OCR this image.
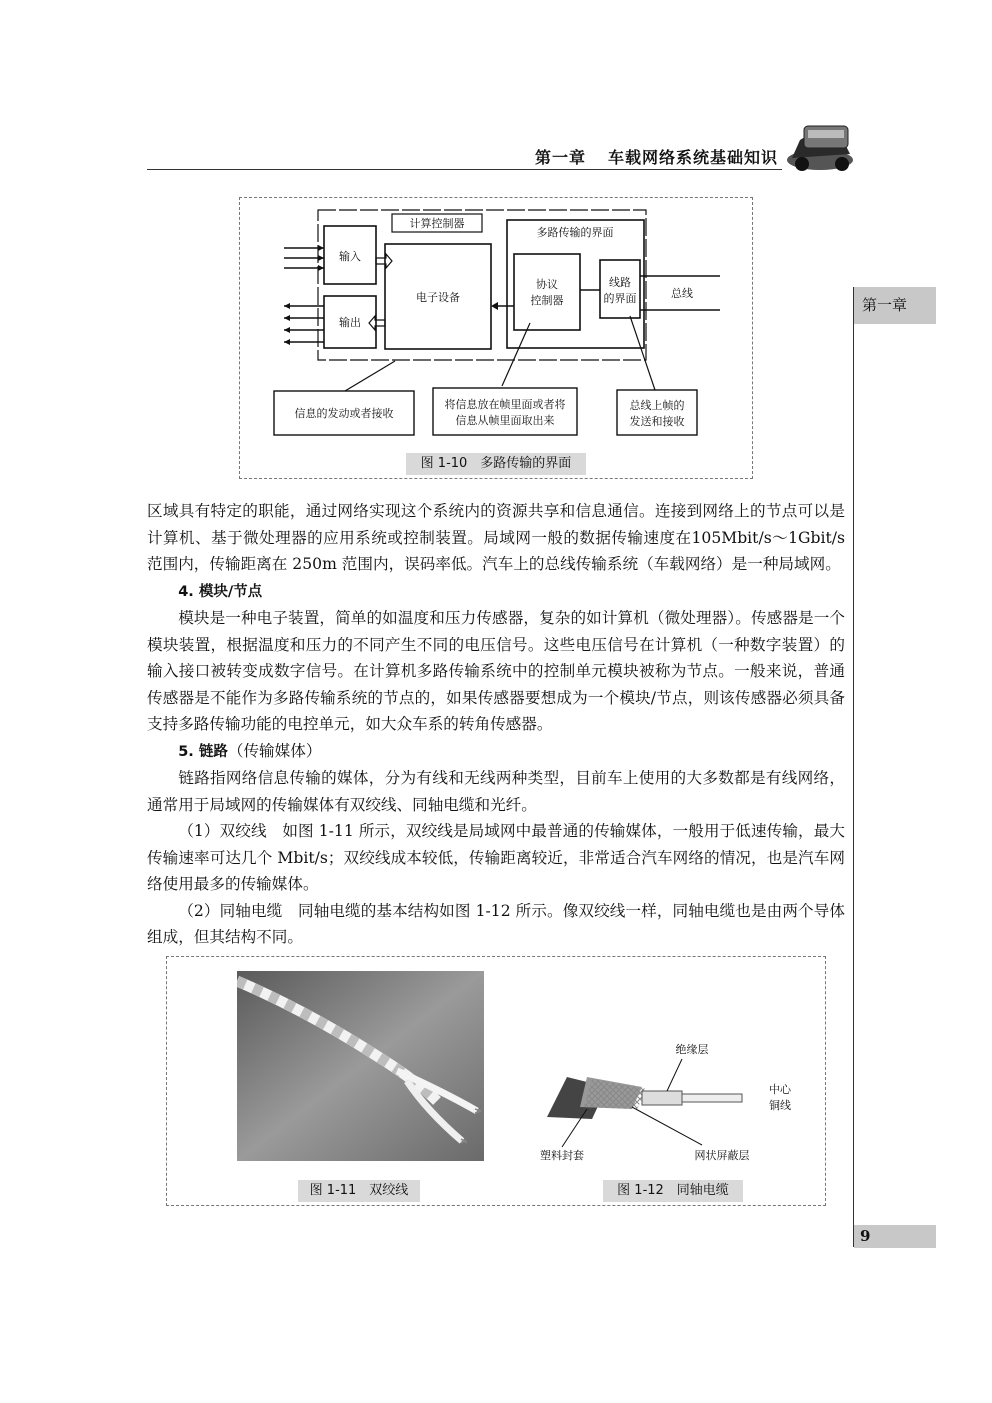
第一章 车载网络系统基础知识
第一章
9
计算控制器
输入
输出
电子设备
多路传输的界面
协议
控制器
线路
的界面	总线
信息的发动或者接收
将信息放在帧里面或者将
信息从帧里面取出来
总线上帧的
发送和接收
图 1-10　多路传输的界面

区域具有特定的职能，通过网络实现这个系统内的资源共享和信息通信。连接到网络上的节点可以是计算机、基于微处理器的应用系统或控制装置。局域网一般的数据传输速度在105Mbit/s～1Gbit/s 范围内，传输距离在 250m 范围内，误码率低。汽车上的总线传输系统（车载网络）是一种局域网。

4. 模块/节点

模块是一种电子装置，简单的如温度和压力传感器，复杂的如计算机（微处理器）。传感器是一个模块装置，根据温度和压力的不同产生不同的电压信号。这些电压信号在计算机（一种数字装置）的输入接口被转变成数字信号。在计算机多路传输系统中的控制单元模块被称为节点。一般来说，普通传感器是不能作为多路传输系统的节点的，如果传感器要想成为一个模块/节点，则该传感器必须具备支持多路传输功能的电控单元，如大众车系的转角传感器。

5. 链路（传输媒体）

链路指网络信息传输的媒体，分为有线和无线两种类型，目前车上使用的大多数都是有线网络，通常用于局域网的传输媒体有双绞线、同轴电缆和光纤。

（1）双绞线　如图 1-11 所示，双绞线是局域网中最普通的传输媒体，一般用于低速传输，最大传输速率可达几个 Mbit/s；双绞线成本较低，传输距离较近，非常适合汽车网络的情况，也是汽车网络使用最多的传输媒体。

（2）同轴电缆　同轴电缆的基本结构如图 1-12 所示。像双绞线一样，同轴电缆也是由两个导体组成，但其结构不同。

图 1-11　双绞线
绝缘层
中心
铜线
塑料封套	网状屏蔽层
图 1-12　同轴电缆
